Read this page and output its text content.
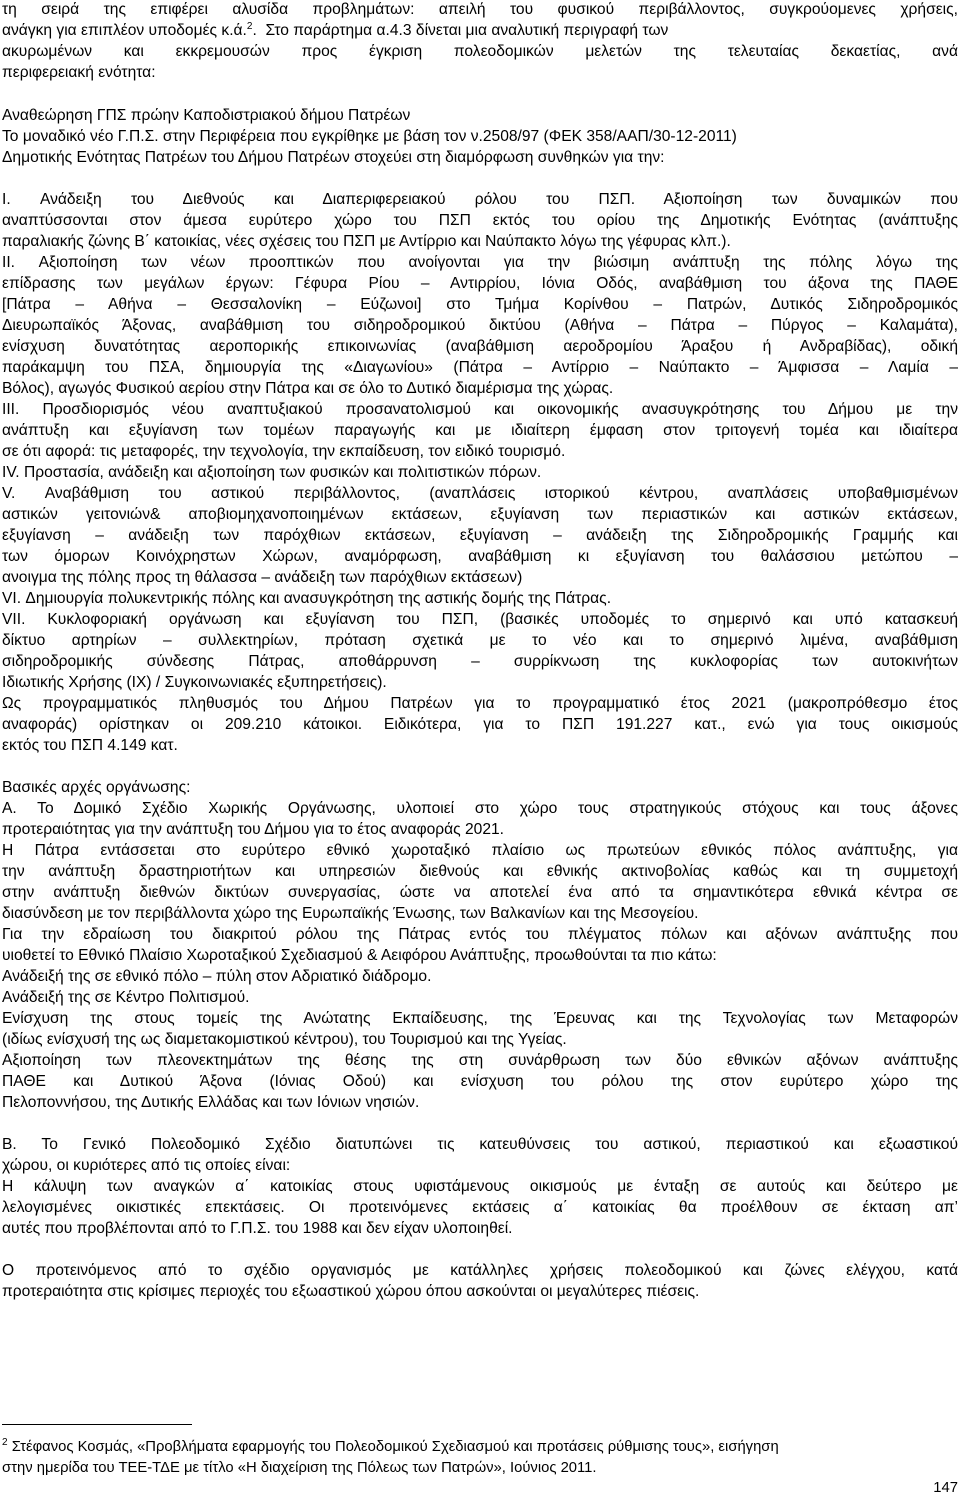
τη σειρά της επιφέρει αλυσίδα προβλημάτων: απειλή του φυσικού περιβάλλοντος, συγκρούομενες χρήσεις,
ανάγκη για επιπλέον υποδομές κ.ά.$^2$.  Στο παράρτημα α.4.3 δίνεται μια αναλυτική περιγραφή των
ακυρωμένων και εκκρεμουσών προς έγκριση πολεοδομικών μελετών της τελευταίας δεκαετίας, ανά
περιφερειακή ενότητα:
Αναθεώρηση ΓΠΣ πρώην Καποδιστριακού δήμου Πατρέων
Το μοναδικό νέο Γ.Π.Σ. στην Περιφέρεια που εγκρίθηκε με βάση τον ν.2508/97 (ΦΕΚ 358/ΑΑΠ/30-12-2011)
Δημοτικής Ενότητας Πατρέων του Δήμου Πατρέων στοχεύει στη διαμόρφωση συνθηκών για την:
I. Ανάδειξη του Διεθνούς και Διαπεριφερειακού ρόλου του ΠΣΠ. Αξιοποίηση των δυναμικών που
αναπτύσσονται στον άμεσα ευρύτερο χώρο του ΠΣΠ εκτός του ορίου της Δημοτικής Ενότητας (ανάπτυξης
παραλιακής ζώνης Β΄ κατοικίας, νέες σχέσεις του ΠΣΠ με Αντίρριο και Ναύπακτο λόγω της γέφυρας κλπ.).
II. Αξιοποίηση των νέων προοπτικών που ανοίγονται για την βιώσιμη ανάπτυξη της πόλης λόγω της
επίδρασης των μεγάλων έργων: Γέφυρα Ρίου – Αντιρρίου, Ιόνια Οδός, αναβάθμιση του άξονα της ΠΑΘΕ
[Πάτρα – Αθήνα – Θεσσαλονίκη – Εύζωνοι] στο Τμήμα Κορίνθου – Πατρών, Δυτικός Σιδηροδρομικός
Διευρωπαϊκός Άξονας, αναβάθμιση του σιδηροδρομικού δικτύου (Αθήνα – Πάτρα – Πύργος – Καλαμάτα),
ενίσχυση δυνατότητας αεροπορικής επικοινωνίας (αναβάθμιση αεροδρομίου Άραξου ή Ανδραβίδας), οδική
παράκαμψη του ΠΣΑ, δημιουργία της «Διαγωνίου» (Πάτρα – Αντίρριο – Ναύπακτο – Άμφισσα – Λαμία –
Βόλος), αγωγός Φυσικού αερίου στην Πάτρα και σε όλο το Δυτικό διαμέρισμα της χώρας.
III. Προσδιορισμός νέου αναπτυξιακού προσανατολισμού και οικονομικής ανασυγκρότησης του Δήμου με την
ανάπτυξη και εξυγίανση των τομέων παραγωγής και με ιδιαίτερη έμφαση στον τριτογενή τομέα και ιδιαίτερα
σε ότι αφορά: τις μεταφορές, την τεχνολογία, την εκπαίδευση, τον ειδικό τουρισμό.
IV. Προστασία, ανάδειξη και αξιοποίηση των φυσικών και πολιτιστικών πόρων.
V. Αναβάθμιση του αστικού περιβάλλοντος, (αναπλάσεις ιστορικού κέντρου, αναπλάσεις υποβαθμισμένων
αστικών γειτονιών& αποβιομηχανοποιημένων εκτάσεων, εξυγίανση των περιαστικών και αστικών εκτάσεων,
εξυγίανση – ανάδειξη των παρόχθιων εκτάσεων, εξυγίανση – ανάδειξη της Σιδηροδρομικής Γραμμής και
των όμορων Κοινόχρηστων Χώρων, αναμόρφωση, αναβάθμιση κι εξυγίανση του θαλάσσιου μετώπου –
ανοιγμα της πόλης προς τη θάλασσα – ανάδειξη των παρόχθιων εκτάσεων)
VI. Δημιουργία πολυκεντρικής πόλης και ανασυγκρότηση της αστικής δομής της Πάτρας.
VII. Κυκλοφοριακή οργάνωση και εξυγίανση του ΠΣΠ, (βασικές υποδομές το σημερινό και υπό κατασκευή
δίκτυο αρτηρίων – συλλεκτηρίων, πρόταση σχετικά με το νέο και το σημερινό λιμένα, αναβάθμιση
σιδηροδρομικής σύνδεσης Πάτρας, αποθάρρυνση – συρρίκνωση της κυκλοφορίας των αυτοκινήτων
Ιδιωτικής Χρήσης (ΙΧ) / Συγκοινωνιακές εξυπηρετήσεις).
Ως προγραμματικός πληθυσμός του Δήμου Πατρέων για το προγραμματικό έτος 2021 (μακροπρόθεσμο έτος
αναφοράς) ορίστηκαν οι 209.210 κάτοικοι. Ειδικότερα, για το ΠΣΠ 191.227 κατ., ενώ για τους οικισμούς
εκτός του ΠΣΠ 4.149 κατ.
Βασικές αρχές οργάνωσης:
Α. Το Δομικό Σχέδιο Χωρικής Οργάνωσης, υλοποιεί στο χώρο τους στρατηγικούς στόχους και τους άξονες
προτεραιότητας για την ανάπτυξη του Δήμου για το έτος αναφοράς 2021.
Η Πάτρα εντάσσεται στο ευρύτερο εθνικό χωροταξικό πλαίσιο ως πρωτεύων εθνικός πόλος ανάπτυξης, για
την ανάπτυξη δραστηριοτήτων και υπηρεσιών διεθνούς και εθνικής ακτινοβολίας καθώς και τη συμμετοχή
στην ανάπτυξη διεθνών δικτύων συνεργασίας, ώστε να αποτελεί ένα από τα σημαντικότερα εθνικά κέντρα σε
διασύνδεση με τον περιβάλλοντα χώρο της Ευρωπαϊκής Ένωσης, των Βαλκανίων και της Μεσογείου.
Για την εδραίωση του διακριτού ρόλου της Πάτρας εντός του πλέγματος πόλων και αξόνων ανάπτυξης που
υιοθετεί το Εθνικό Πλαίσιο Χωροταξικού Σχεδιασμού & Αειφόρου Ανάπτυξης, προωθούνται τα πιο κάτω:
Ανάδειξή της σε εθνικό πόλο – πύλη στον Αδριατικό διάδρομο.
Ανάδειξή της σε Κέντρο Πολιτισμού.
Ενίσχυση της στους τομείς της Ανώτατης Εκπαίδευσης, της Έρευνας και της Τεχνολογίας των Μεταφορών
(ιδίως ενίσχυσή της ως διαμετακομιστικού κέντρου), του Τουρισμού και της Υγείας.
Αξιοποίηση των πλεονεκτημάτων της θέσης της στη συνάρθρωση των δύο εθνικών αξόνων ανάπτυξης
ΠΑΘΕ και Δυτικού Άξονα (Ιόνιας Οδού) και ενίσχυση του ρόλου της στον ευρύτερο χώρο της
Πελοποννήσου, της Δυτικής Ελλάδας και των Ιόνιων νησιών.
Β. Το Γενικό Πολεοδομικό Σχέδιο διατυπώνει τις κατευθύνσεις του αστικού, περιαστικού και εξωαστικού
χώρου, οι κυριότερες από τις οποίες είναι:
Η κάλυψη των αναγκών α΄ κατοικίας στους υφιστάμενους οικισμούς με ένταξη σε αυτούς και δεύτερο με
λελογισμένες οικιστικές επεκτάσεις. Οι προτεινόμενες εκτάσεις α΄ κατοικίας θα προέλθουν σε έκταση απ’
αυτές που προβλέπονται από το Γ.Π.Σ. του 1988 και δεν είχαν υλοποιηθεί.
Ο προτεινόμενος από το σχέδιο οργανισμός με κατάλληλες χρήσεις πολεοδομικού και ζώνες ελέγχου, κατά
προτεραιότητα στις κρίσιμες περιοχές του εξωαστικού χώρου όπου ασκούνται οι μεγαλύτερες πιέσεις.
$^2$ Στέφανος Κοσμάς, «Προβλήματα εφαρμογής του Πολεοδομικού Σχεδιασμού και προτάσεις ρύθμισης τους», εισήγηση
στην ημερίδα του ΤΕΕ-ΤΔΕ με τίτλο «Η διαχείριση της Πόλεως των Πατρών», Ιούνιος 2011.
147
